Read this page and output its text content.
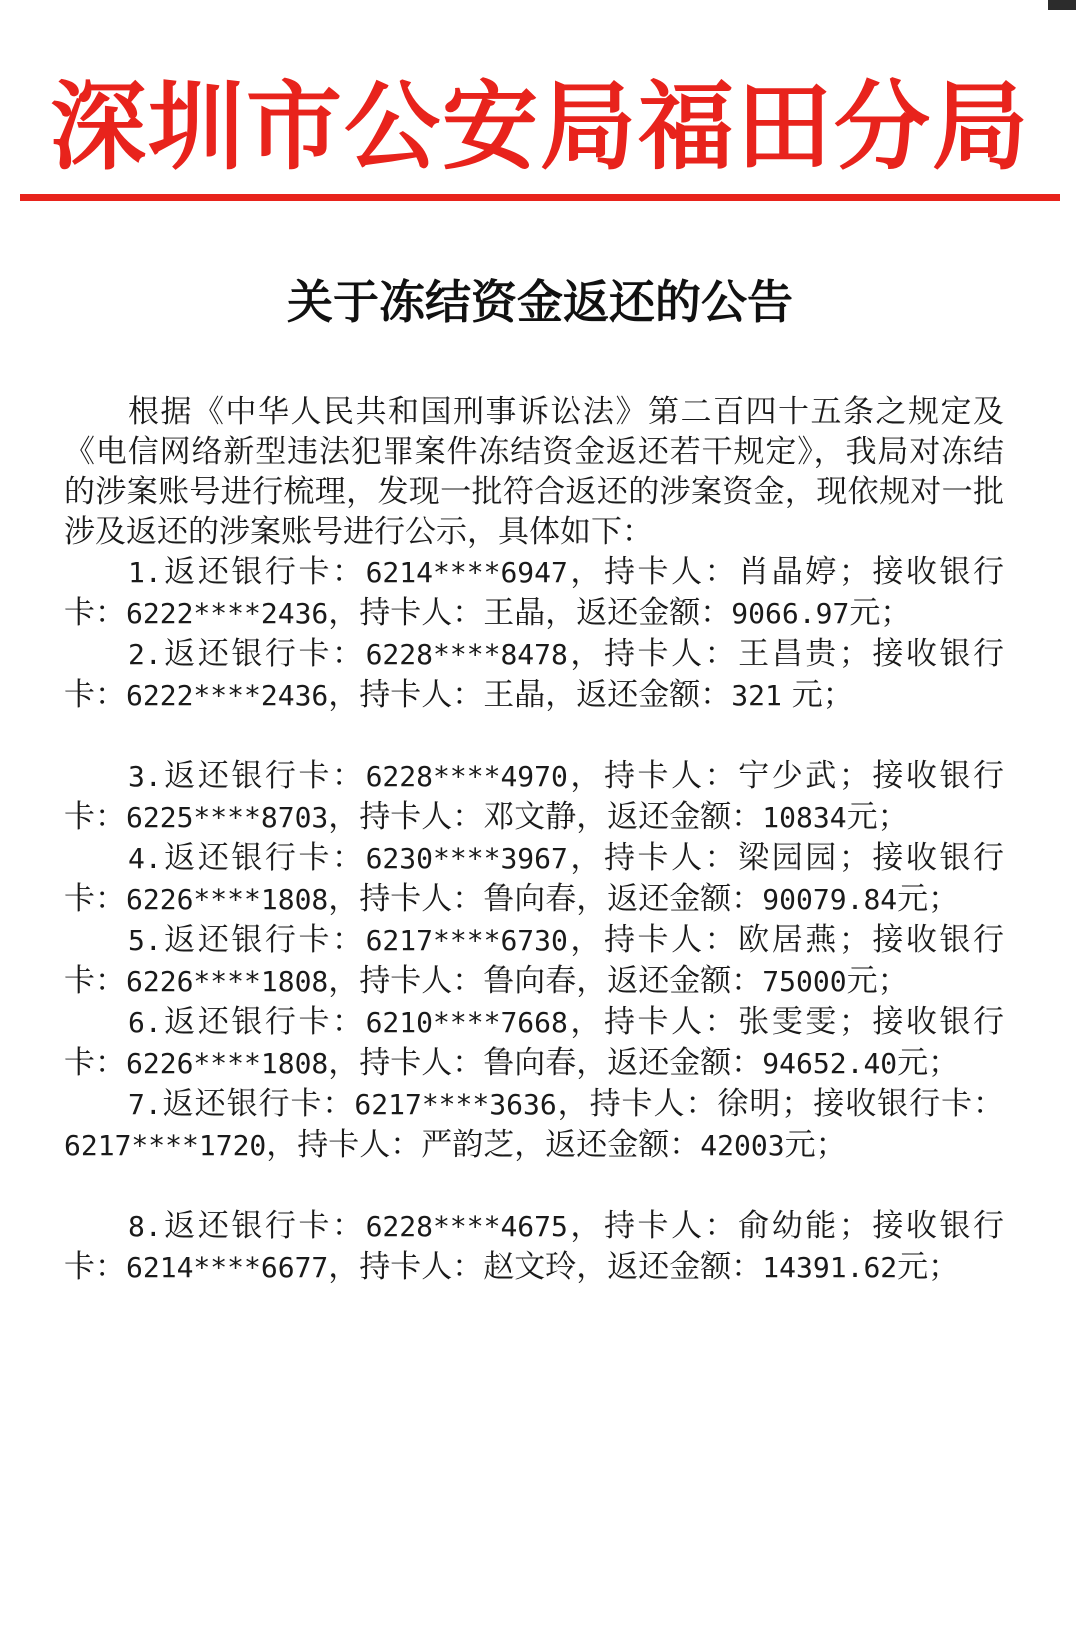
深圳市公安局福田分局
关于冻结资金返还的公告

根据《中华人民共和国刑事诉讼法》第二百四十五条之规定及《电信网络新型违法犯罪案件冻结资金返还若干规定》，我局对冻结的涉案账号进行梳理，发现一批符合返还的涉案资金，现依规对一批涉及返还的涉案账号进行公示，具体如下：

1.返还银行卡：6214****6947，持卡人：肖晶婷；接收银行卡：6222****2436，持卡人：王晶，返还金额：9066.97元；

2.返还银行卡：6228****8478，持卡人：王昌贵；接收银行卡：6222****2436，持卡人：王晶，返还金额：321 元；

3.返还银行卡：6228****4970，持卡人：宁少武；接收银行卡：6225****8703，持卡人：邓文静，返还金额：10834元；

4.返还银行卡：6230****3967，持卡人：梁园园；接收银行卡：6226****1808，持卡人：鲁向春，返还金额：90079.84元；

5.返还银行卡：6217****6730，持卡人：欧居燕；接收银行卡：6226****1808，持卡人：鲁向春，返还金额：75000元；

6.返还银行卡：6210****7668，持卡人：张雯雯；接收银行卡：6226****1808，持卡人：鲁向春，返还金额：94652.40元；

7.返还银行卡：6217****3636，持卡人：徐明；接收银行卡：6217****1720，持卡人：严韵芝，返还金额：42003元；

8.返还银行卡：6228****4675，持卡人：俞幼能；接收银行卡：6214****6677，持卡人：赵文玲，返还金额：14391.62元；
